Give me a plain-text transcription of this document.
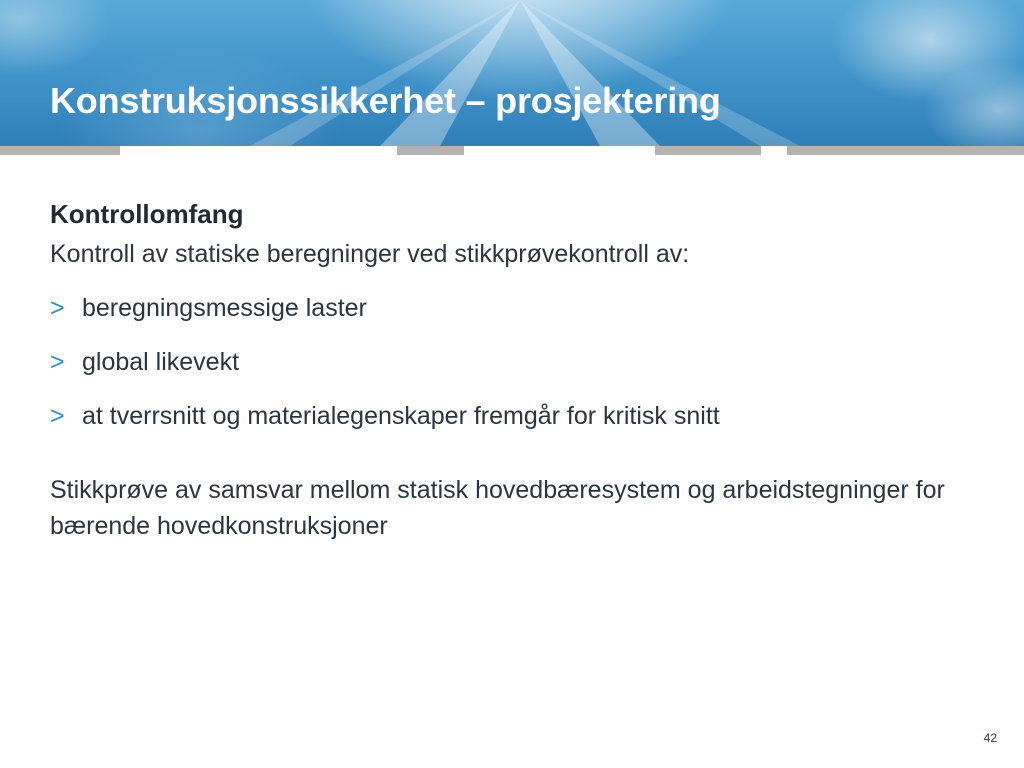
Konstruksjonssikkerhet – prosjektering

Kontrollomfang

Kontroll av statiske beregninger ved stikkprøvekontroll av:

> beregningsmessige laster
> global likevekt
> at tverrsnitt og materialegenskaper fremgår for kritisk snitt

Stikkprøve av samsvar mellom statisk hovedbæresystem og arbeidstegninger for bærende hovedkonstruksjoner

42
